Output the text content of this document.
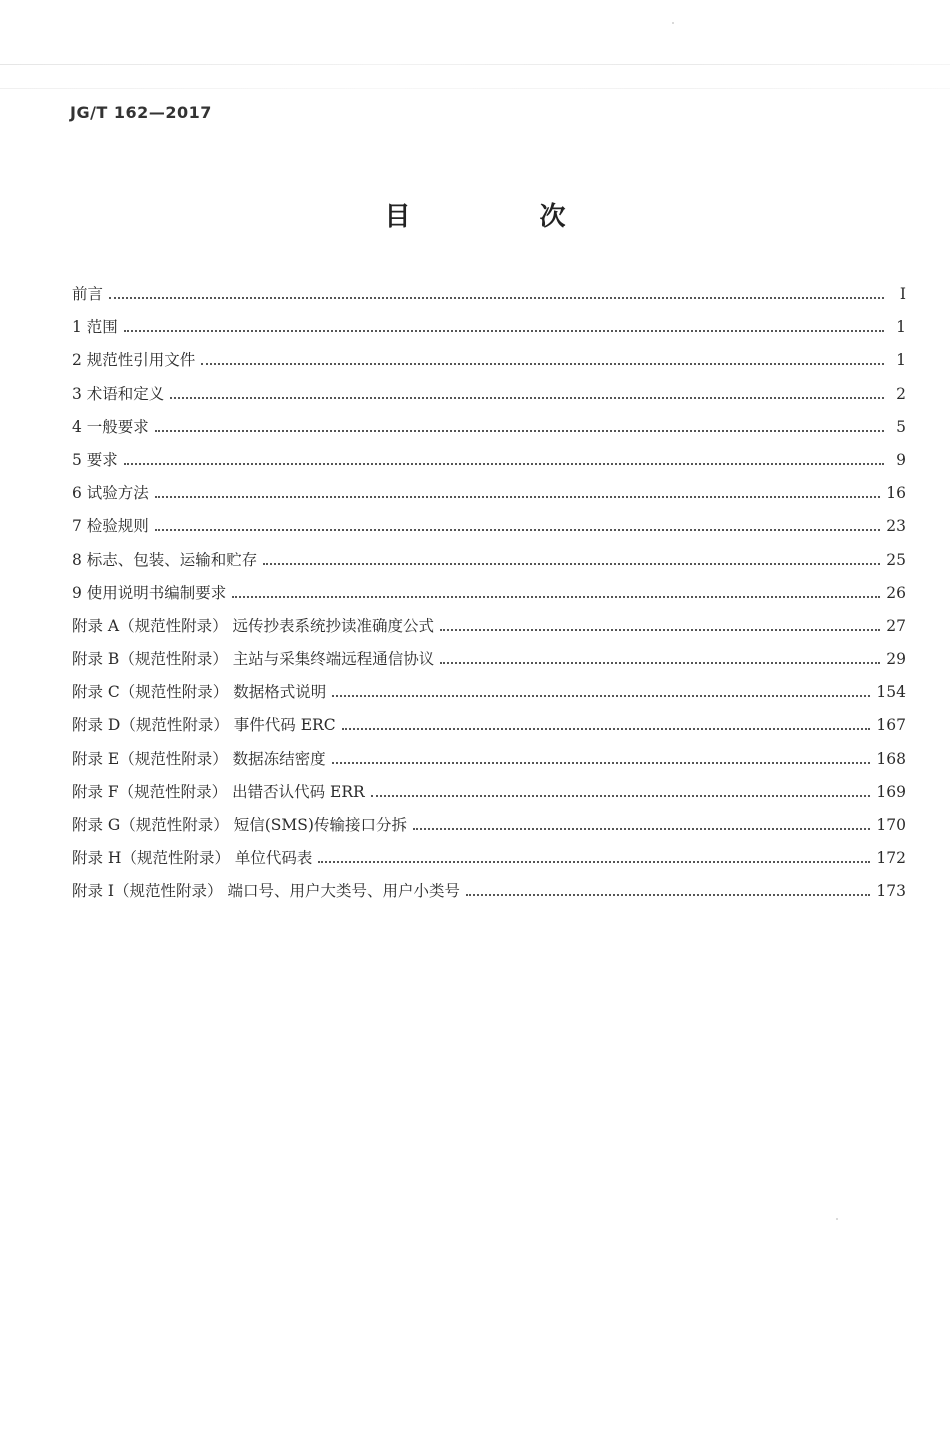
JG/T 162—2017
目 次
前言	I
1 范围	1
2 规范性引用文件	1
3 术语和定义	2
4 一般要求	5
5 要求	9
6 试验方法	16
7 检验规则	23
8 标志、包装、运输和贮存	25
9 使用说明书编制要求	26
附录 A（规范性附录） 远传抄表系统抄读准确度公式	27
附录 B（规范性附录） 主站与采集终端远程通信协议	29
附录 C（规范性附录） 数据格式说明	154
附录 D（规范性附录） 事件代码 ERC	167
附录 E（规范性附录） 数据冻结密度	168
附录 F（规范性附录） 出错否认代码 ERR	169
附录 G（规范性附录） 短信(SMS)传输接口分拆	170
附录 H（规范性附录） 单位代码表	172
附录 I（规范性附录） 端口号、用户大类号、用户小类号	173
